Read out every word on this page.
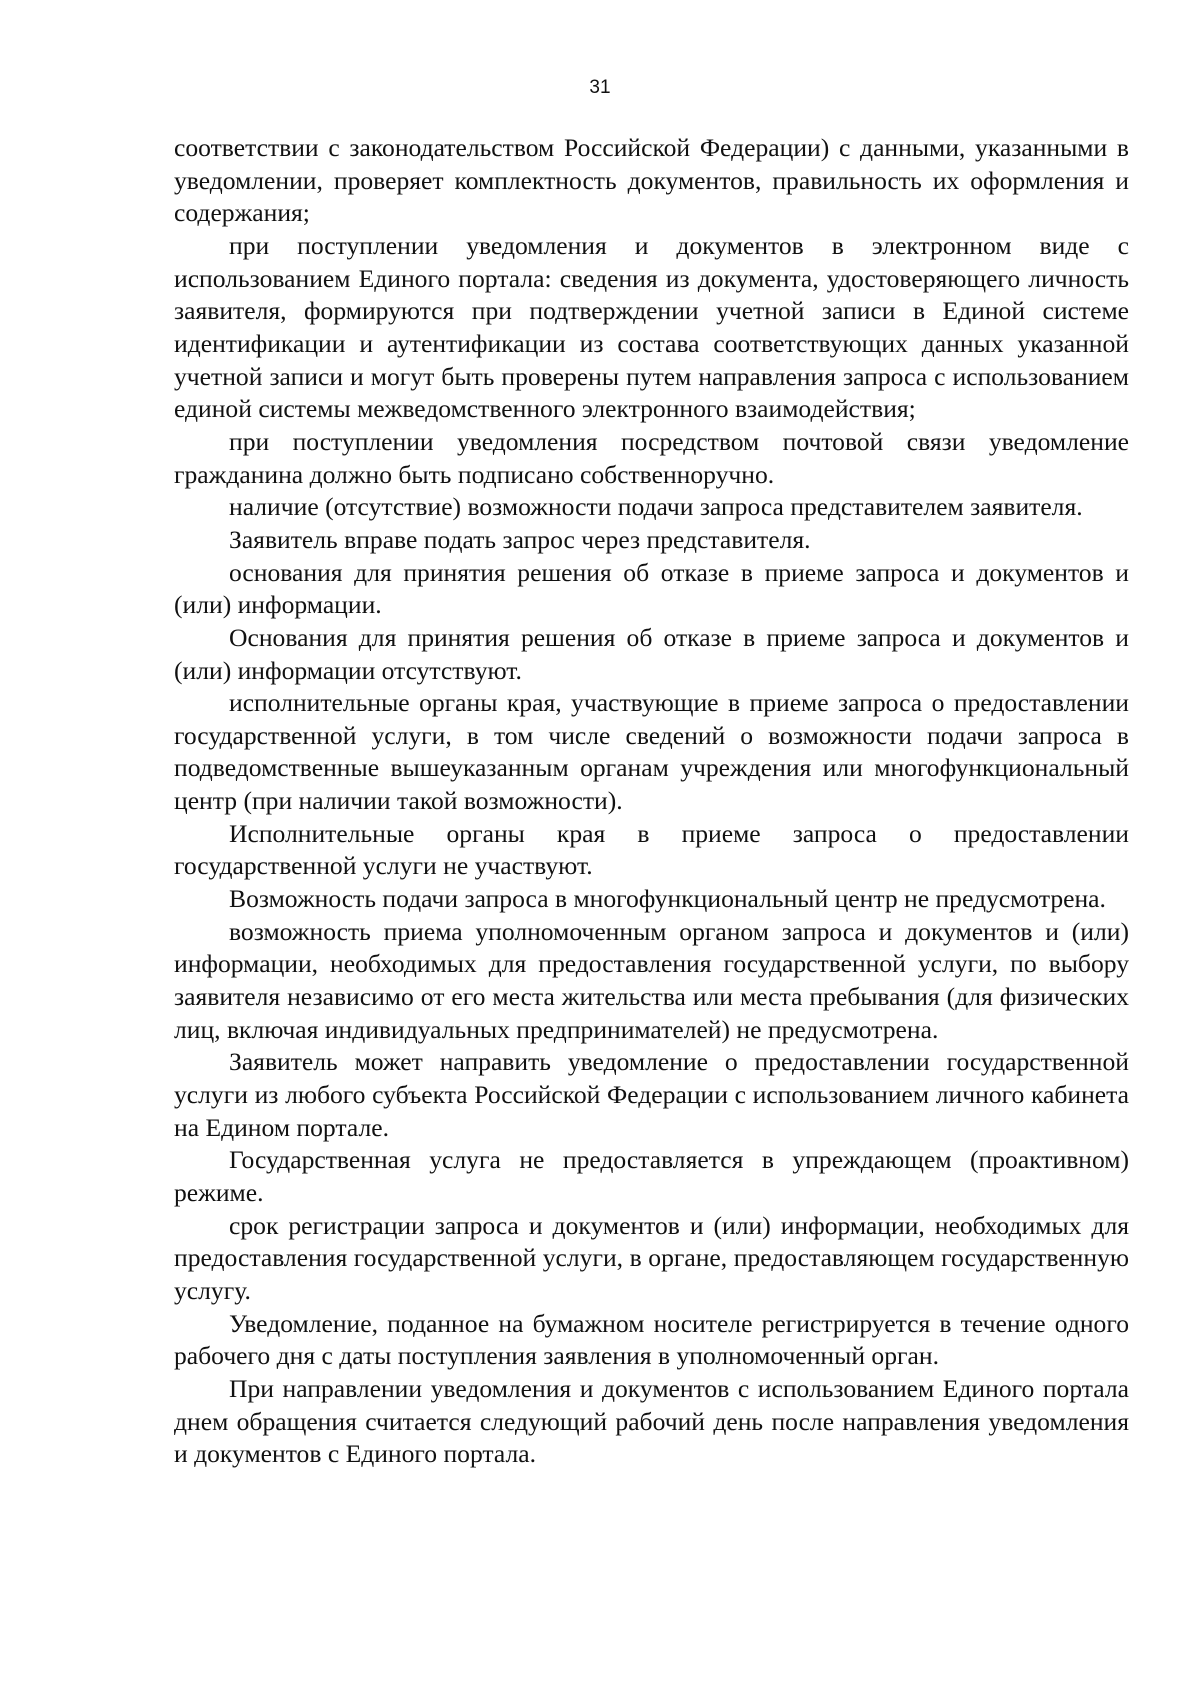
31

соответствии с законодательством Российской Федерации) с данными, указанными в уведомлении, проверяет комплектность документов, правильность их оформления и содержания;

при поступлении уведомления и документов в электронном виде с использованием Единого портала: сведения из документа, удостоверяющего личность заявителя, формируются при подтверждении учетной записи в Единой системе идентификации и аутентификации из состава соответствующих данных указанной учетной записи и могут быть проверены путем направления запроса с использованием единой системы межведомственного электронного взаимодействия;

при поступлении уведомления посредством почтовой связи уведомление гражданина должно быть подписано собственноручно.

наличие (отсутствие) возможности подачи запроса представителем заявителя.

Заявитель вправе подать запрос через представителя.

основания для принятия решения об отказе в приеме запроса и документов и (или) информации.

Основания для принятия решения об отказе в приеме запроса и документов и (или) информации отсутствуют.

исполнительные органы края, участвующие в приеме запроса о предоставлении государственной услуги, в том числе сведений о возможности подачи запроса в подведомственные вышеуказанным органам учреждения или многофункциональный центр (при наличии такой возможности).

Исполнительные органы края в приеме запроса о предоставлении государственной услуги не участвуют.

Возможность подачи запроса в многофункциональный центр не предусмотрена.

возможность приема уполномоченным органом запроса и документов и (или) информации, необходимых для предоставления государственной услуги, по выбору заявителя независимо от его места жительства или места пребывания (для физических лиц, включая индивидуальных предпринимателей) не предусмотрена.

Заявитель может направить уведомление о предоставлении государственной услуги из любого субъекта Российской Федерации с использованием личного кабинета на Едином портале.

Государственная услуга не предоставляется в упреждающем (проактивном) режиме.

срок регистрации запроса и документов и (или) информации, необходимых для предоставления государственной услуги, в органе, предоставляющем государственную услугу.

Уведомление, поданное на бумажном носителе регистрируется в течение одного рабочего дня с даты поступления заявления в уполномоченный орган.

При направлении уведомления и документов с использованием Единого портала днем обращения считается следующий рабочий день после направления уведомления и документов с Единого портала.
